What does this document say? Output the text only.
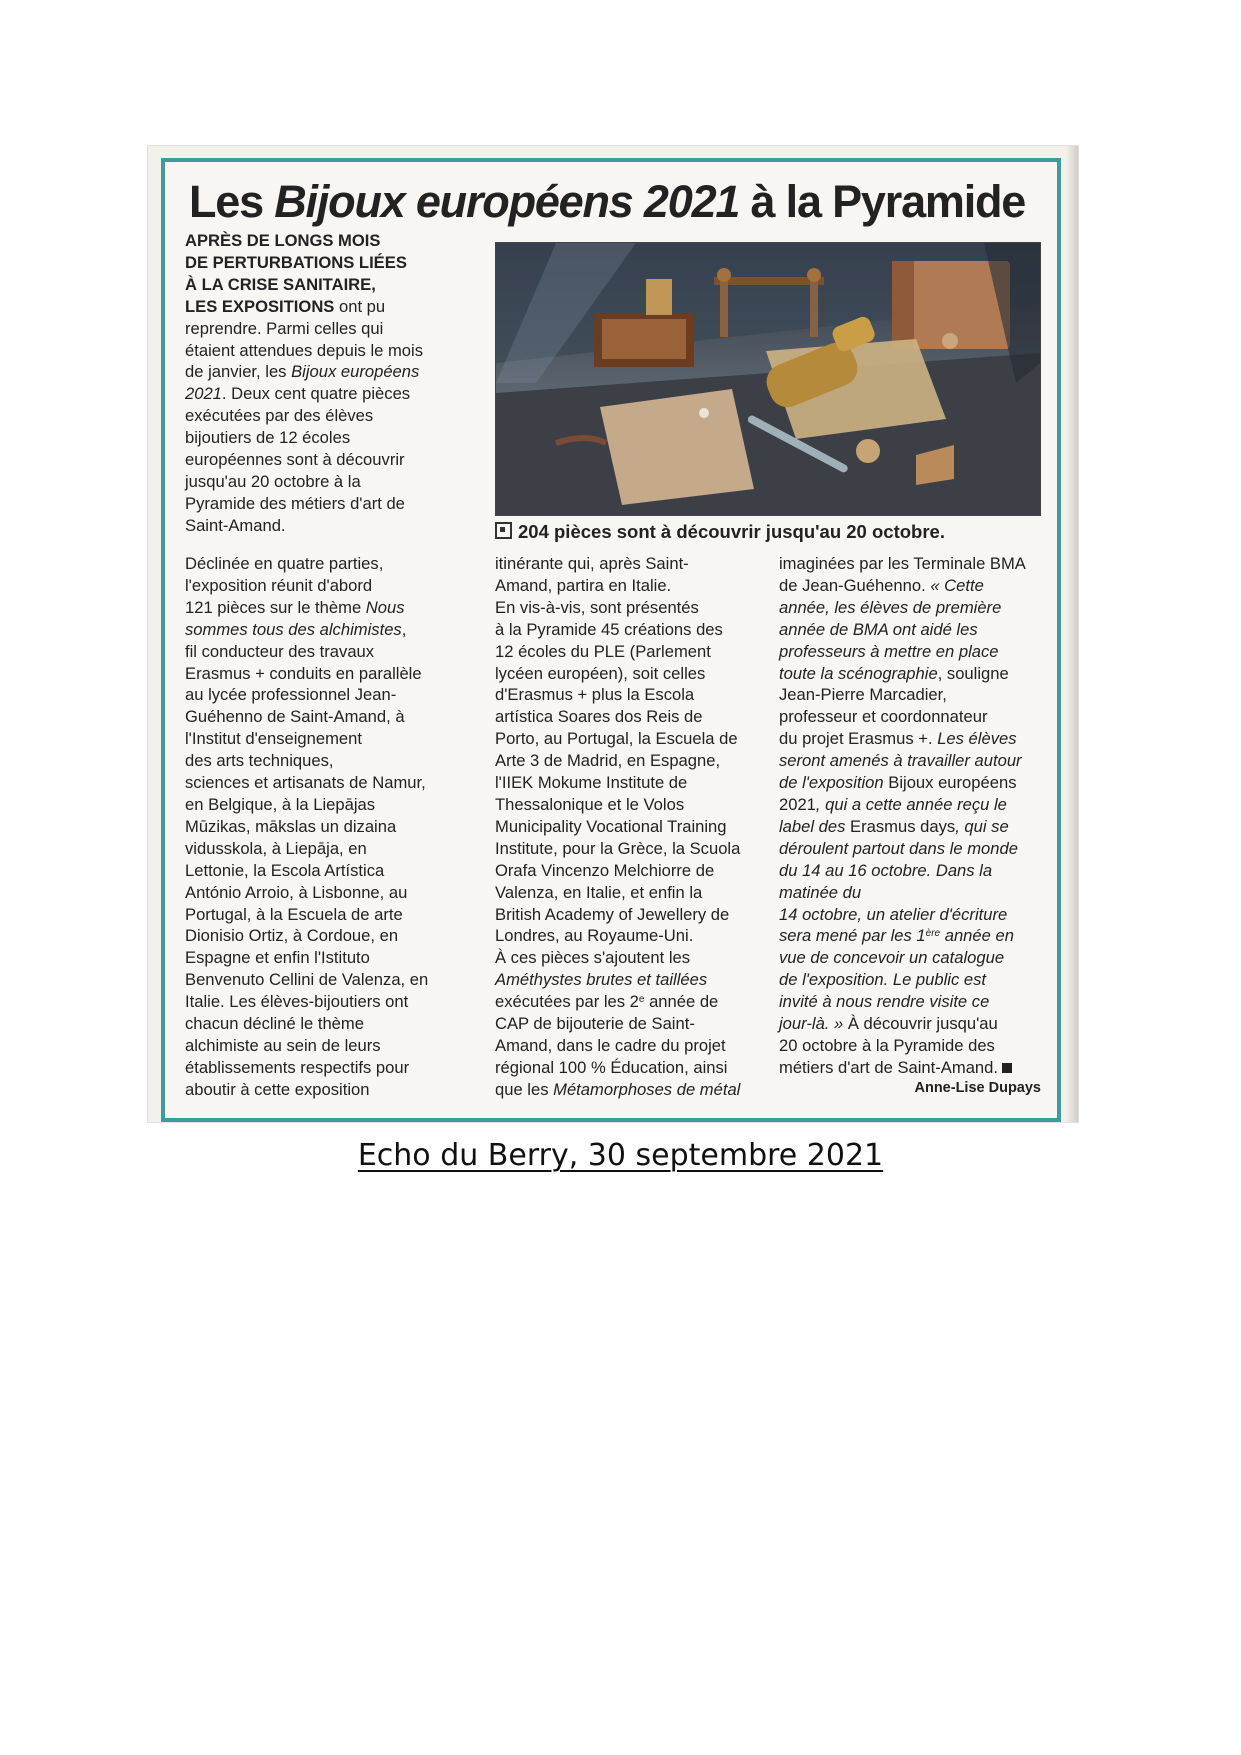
Les Bijoux européens 2021 à la Pyramide

APRÈS DE LONGS MOIS

DE PERTURBATIONS LIÉES

À LA CRISE SANITAIRE,

LES EXPOSITIONS ont pu

reprendre. Parmi celles qui

étaient attendues depuis le mois

de janvier, les Bijoux européens

2021. Deux cent quatre pièces

exécutées par des élèves

bijoutiers de 12 écoles

européennes sont à découvrir

jusqu'au 20 octobre à la

Pyramide des métiers d'art de

Saint-Amand.	204 pièces sont à découvrir jusqu'au 20 octobre.

Déclinée en quatre parties,

l'exposition réunit d'abord

121 pièces sur le thème Nous

sommes tous des alchimistes,

fil conducteur des travaux

Erasmus + conduits en parallèle

au lycée professionnel Jean-

Guéhenno de Saint-Amand, à

l'Institut d'enseignement

des arts techniques,

sciences et artisanats de Namur,

en Belgique, à la Liepājas

Mūzikas, mākslas un dizaina

vidusskola, à Liepāja, en

Lettonie, la Escola Artística

António Arroio, à Lisbonne, au

Portugal, à la Escuela de arte

Dionisio Ortiz, à Cordoue, en

Espagne et enfin l'Istituto

Benvenuto Cellini de Valenza, en

Italie. Les élèves-bijoutiers ont

chacun décliné le thème

alchimiste au sein de leurs

établissements respectifs pour

aboutir à cette exposition

itinérante qui, après Saint-

Amand, partira en Italie.

En vis-à-vis, sont présentés

à la Pyramide 45 créations des

12 écoles du PLE (Parlement

lycéen européen), soit celles

d'Erasmus + plus la Escola

artística Soares dos Reis de

Porto, au Portugal, la Escuela de

Arte 3 de Madrid, en Espagne,

l'IIEK Mokume Institute de

Thessalonique et le Volos

Municipality Vocational Training

Institute, pour la Grèce, la Scuola

Orafa Vincenzo Melchiorre de

Valenza, en Italie, et enfin la

British Academy of Jewellery de

Londres, au Royaume-Uni.

À ces pièces s'ajoutent les

Améthystes brutes et taillées

exécutées par les 2e année de

CAP de bijouterie de Saint-

Amand, dans le cadre du projet

régional 100 % Éducation, ainsi

que les Métamorphoses de métal

imaginées par les Terminale BMA

de Jean-Guéhenno. « Cette

année, les élèves de première

année de BMA ont aidé les

professeurs à mettre en place

toute la scénographie, souligne

Jean-Pierre Marcadier,

professeur et coordonnateur

du projet Erasmus +. Les élèves

seront amenés à travailler autour

de l'exposition Bijoux européens

2021, qui a cette année reçu le

label des Erasmus days, qui se

déroulent partout dans le monde

du 14 au 16 octobre. Dans la

matinée du

14 octobre, un atelier d'écriture

sera mené par les 1ère année en

vue de concevoir un catalogue

de l'exposition. Le public est

invité à nous rendre visite ce

jour-là. » À découvrir jusqu'au

20 octobre à la Pyramide des

métiers d'art de Saint-Amand.

Anne-Lise Dupays
Echo du Berry, 30 septembre 2021
